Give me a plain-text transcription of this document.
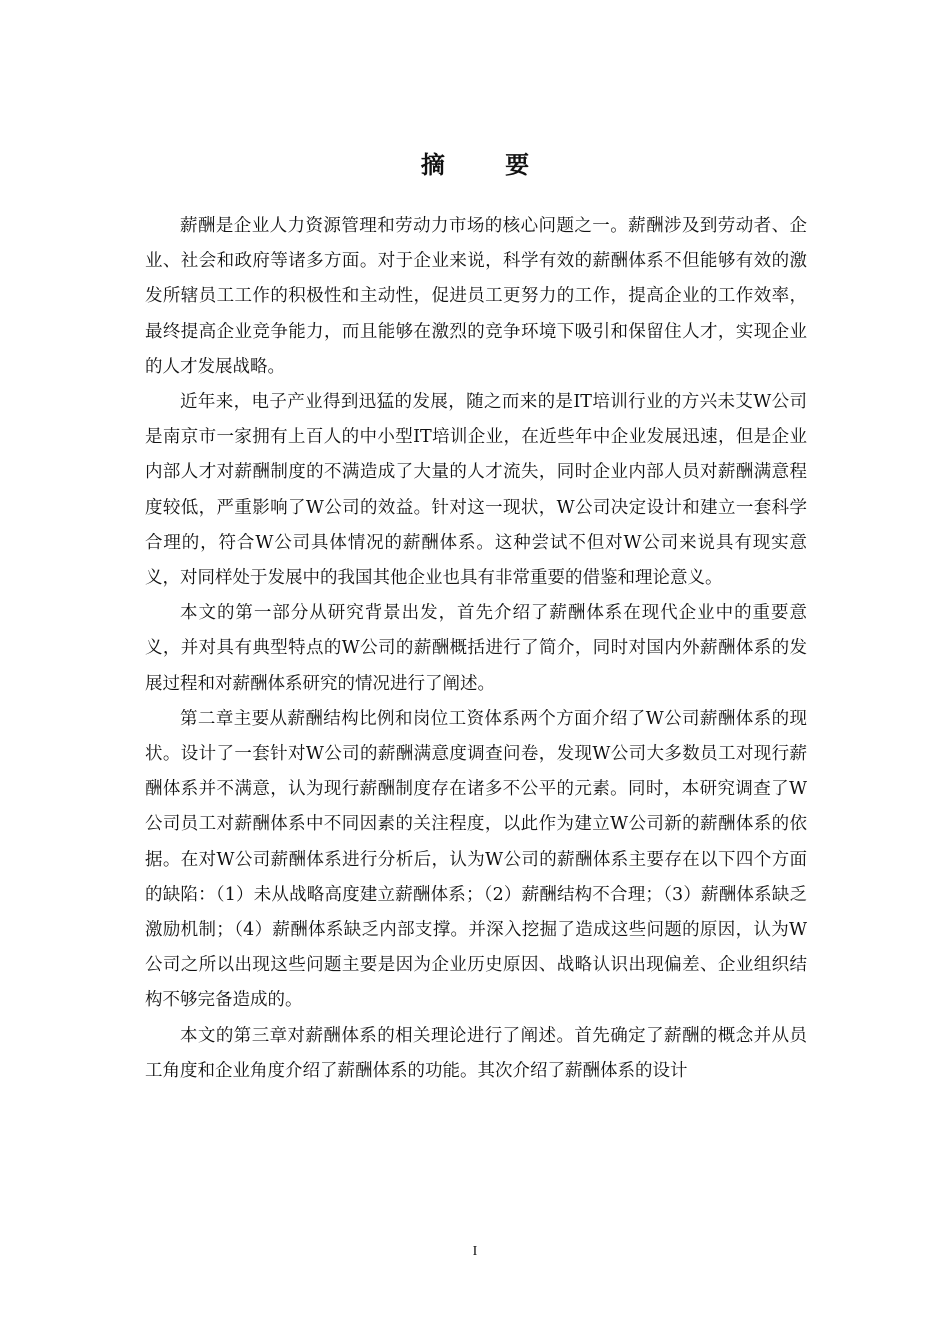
摘 要

薪酬是企业人力资源管理和劳动力市场的核心问题之一。薪酬涉及到劳动者、企业、社会和政府等诸多方面。对于企业来说，科学有效的薪酬体系不但能够有效的激发所辖员工工作的积极性和主动性，促进员工更努力的工作，提高企业的工作效率，最终提高企业竞争能力，而且能够在激烈的竞争环境下吸引和保留住人才，实现企业的人才发展战略。

近年来，电子产业得到迅猛的发展，随之而来的是IT培训行业的方兴未艾W公司是南京市一家拥有上百人的中小型IT培训企业，在近些年中企业发展迅速，但是企业内部人才对薪酬制度的不满造成了大量的人才流失，同时企业内部人员对薪酬满意程度较低，严重影响了W公司的效益。针对这一现状，W公司决定设计和建立一套科学合理的，符合W公司具体情况的薪酬体系。这种尝试不但对W公司来说具有现实意义，对同样处于发展中的我国其他企业也具有非常重要的借鉴和理论意义。

本文的第一部分从研究背景出发，首先介绍了薪酬体系在现代企业中的重要意义，并对具有典型特点的W公司的薪酬概括进行了简介，同时对国内外薪酬体系的发展过程和对薪酬体系研究的情况进行了阐述。

第二章主要从薪酬结构比例和岗位工资体系两个方面介绍了W公司薪酬体系的现状。设计了一套针对W公司的薪酬满意度调查问卷，发现W公司大多数员工对现行薪酬体系并不满意，认为现行薪酬制度存在诸多不公平的元素。同时，本研究调查了W公司员工对薪酬体系中不同因素的关注程度，以此作为建立W公司新的薪酬体系的依据。在对W公司薪酬体系进行分析后，认为W公司的薪酬体系主要存在以下四个方面的缺陷：（1）未从战略高度建立薪酬体系；（2）薪酬结构不合理；（3）薪酬体系缺乏激励机制；（4）薪酬体系缺乏内部支撑。并深入挖掘了造成这些问题的原因，认为W公司之所以出现这些问题主要是因为企业历史原因、战略认识出现偏差、企业组织结构不够完备造成的。

本文的第三章对薪酬体系的相关理论进行了阐述。首先确定了薪酬的概念并从员工角度和企业角度介绍了薪酬体系的功能。其次介绍了薪酬体系的设计

I
